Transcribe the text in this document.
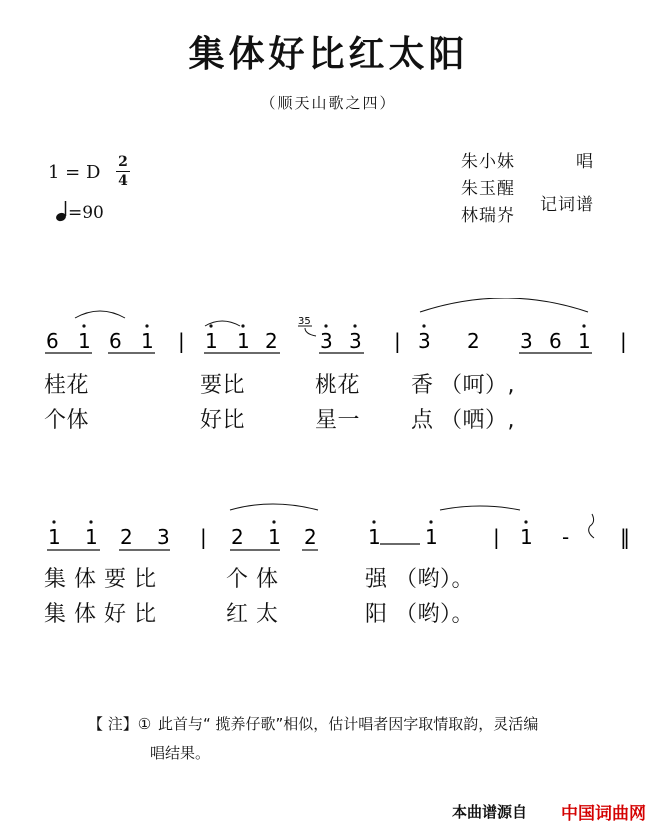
集体好比红太阳
（顺天山歌之四）
1 = D 2
4
=90
朱小妹	唱
朱玉醒
林瑞岕
记词谱
35
6 1 6 1 | 1 1 2 3 3 | 3 2 3 6 1 |
桂花	要比	桃花 香 （呵）,
个体	好比	星一 点 （哂）,
1 1 2 3 | 2 1 2	1 1	| 1 -	‖
集体要比	个体	强 （哟）。
集体好比	红太	阳 （哟）。
【 注】① 此首与“ 揽养仔歌”相似，估计唱者因字取情取韵，灵活编
唱结果。
本曲谱源自 中国词曲网
